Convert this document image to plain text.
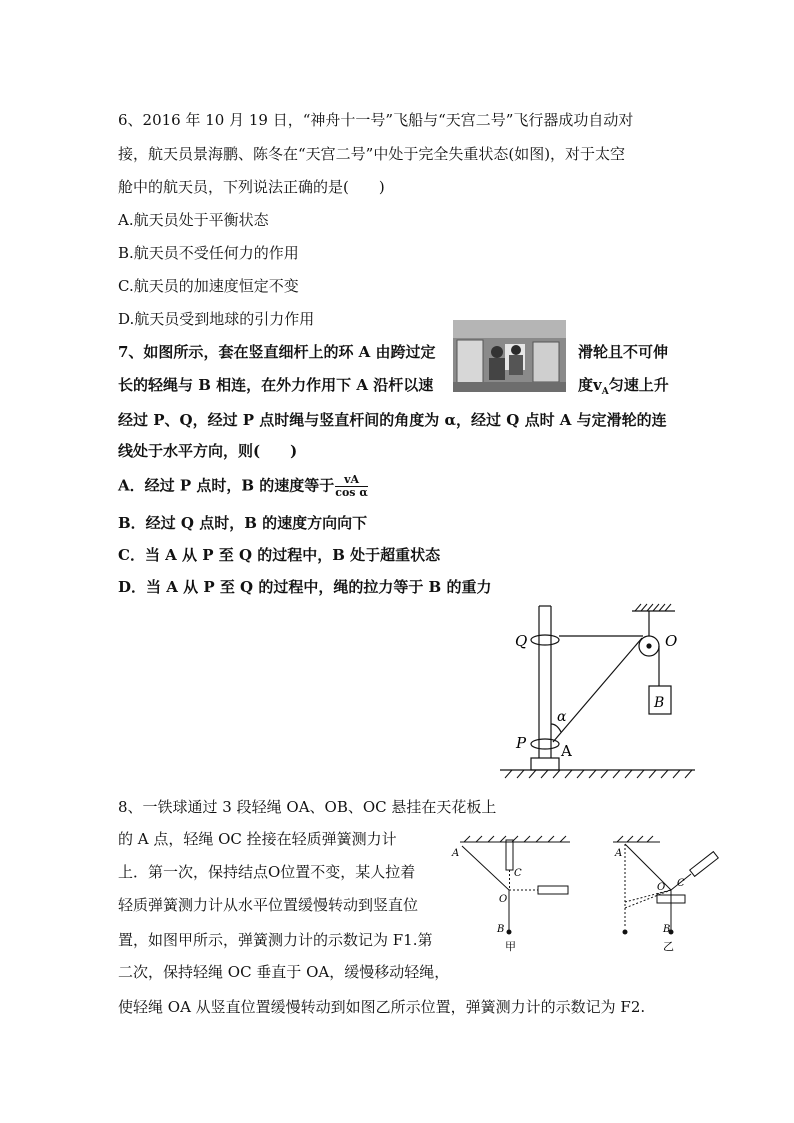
6、2016 年 10 月 19 日，“神舟十一号”飞船与“天宫二号”飞行器成功自动对
接，航天员景海鹏、陈冬在“天宫二号”中处于完全失重状态(如图)，对于太空
舱中的航天员，下列说法正确的是(　　)
A.航天员处于平衡状态
B.航天员不受任何力的作用
C.航天员的加速度恒定不变
D.航天员受到地球的引力作用
7、如图所示，套在竖直细杆上的环 A 由跨过定	滑轮且不可伸
长的轻绳与 B 相连，在外力作用下 A 沿杆以速	度$v_A$匀速上升
经过 P、Q，经过 P 点时绳与竖直杆间的角度为 α，经过 Q 点时 A 与定滑轮的连
线处于水平方向，则(　　)
A．经过 P 点时，B 的速度等于 $\frac{vA}{\text{cos α}}$
B．经过 Q 点时，B 的速度方向向下
C．当 A 从 P 至 Q 的过程中，B 处于超重状态
D．当 A 从 P 至 Q 的过程中，绳的拉力等于 B 的重力
Q	O
B
α
P A
8、一铁球通过 3 段轻绳 OA、OB、OC 悬挂在天花板上
的 A 点，轻绳 OC 拴接在轻质弹簧测力计
上．第一次，保持结点O位置不变，某人拉着
轻质弹簧测力计从水平位置缓慢转动到竖直位
置，如图甲所示，弹簧测力计的示数记为 F1.第
二次，保持轻绳 OC 垂直于 OA，缓慢移动轻绳，
使轻绳 OA 从竖直位置缓慢转动到如图乙所示位置，弹簧测力计的示数记为 F2.
A
C
O
B
甲
A
C
O
B
乙
